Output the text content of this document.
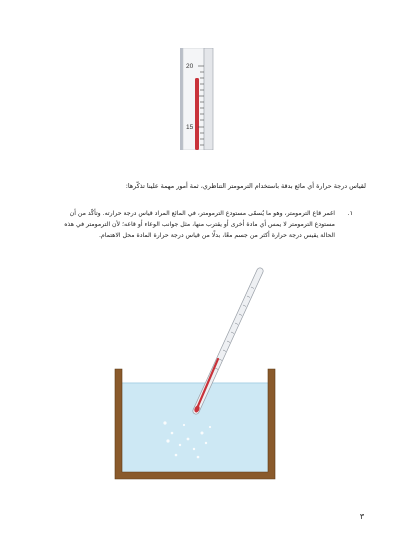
20
15
لقياس درجة حرارة أي مائع بدقة باستخدام الترمومتر التناظري، ثمة أمور مهمة علينا تذكّرها:
١.
اغمر قاع الترمومتر، وهو ما يُسمّى مستودع الترمومتر، في المائع المراد قياس درجة حرارته. وتأكّد من أن مستودع الترمومتر لا يمس أي مادة أخرى أو يقترب منها، مثل جوانب الوعاء أو قاعه؛ لأن الترمومتر في هذه الحالة يقيس درجة حرارة أكثر من جسم معًا، بدلًا من قياس درجة حرارة المادة محل الاهتمام.
٣
